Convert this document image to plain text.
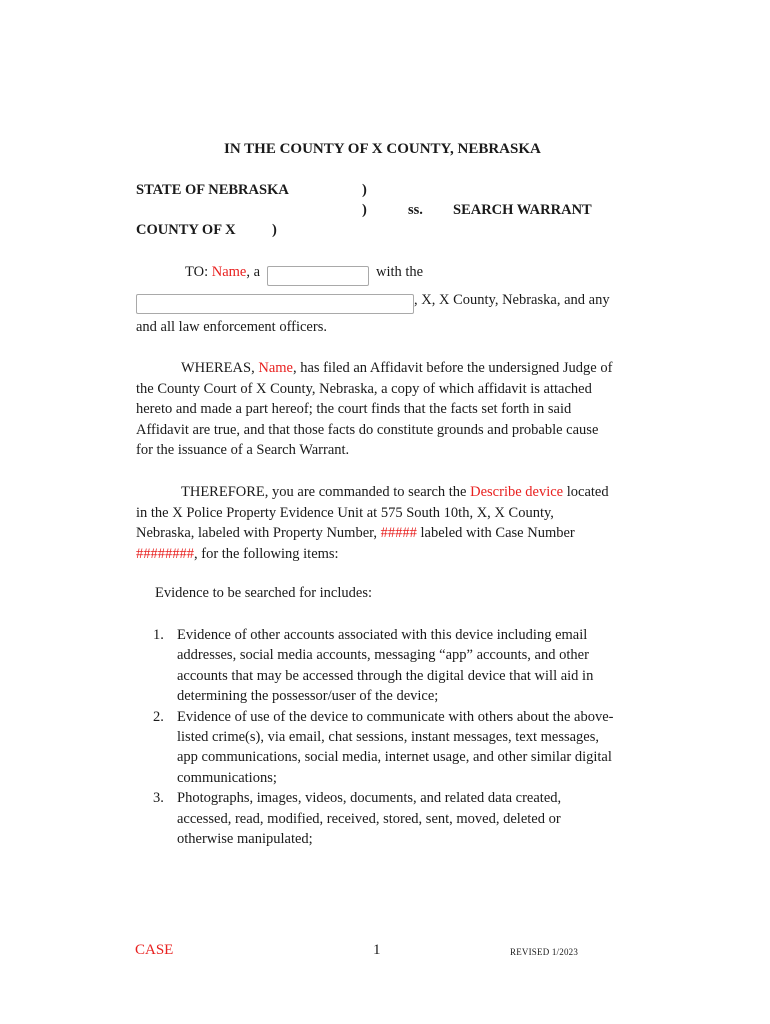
IN THE COUNTY OF X COUNTY, NEBRASKA
STATE OF NEBRASKA	)
)	ss. SEARCH WARRANT
COUNTY OF X	)
TO: Name, a	with the
, X, X County, Nebraska, and any
and all law enforcement officers.
WHEREAS, Name, has filed an Affidavit before the undersigned Judge of
the County Court of X County, Nebraska, a copy of which affidavit is attached
hereto and made a part hereof; the court finds that the facts set forth in said
Affidavit are true, and that those facts do constitute grounds and probable cause
for the issuance of a Search Warrant.
THEREFORE, you are commanded to search the Describe device located
in the X Police Property Evidence Unit at 575 South 10th, X, X County,
Nebraska, labeled with Property Number, ##### labeled with Case Number
########, for the following items:
Evidence to be searched for includes:
1. Evidence of other accounts associated with this device including email
addresses, social media accounts, messaging “app” accounts, and other
accounts that may be accessed through the digital device that will aid in
determining the possessor/user of the device;
2. Evidence of use of the device to communicate with others about the above-
listed crime(s), via email, chat sessions, instant messages, text messages,
app communications, social media, internet usage, and other similar digital
communications;
3. Photographs, images, videos, documents, and related data created,
accessed, read, modified, received, stored, sent, moved, deleted or
otherwise manipulated;
CASE	1	REVISED 1/2023
